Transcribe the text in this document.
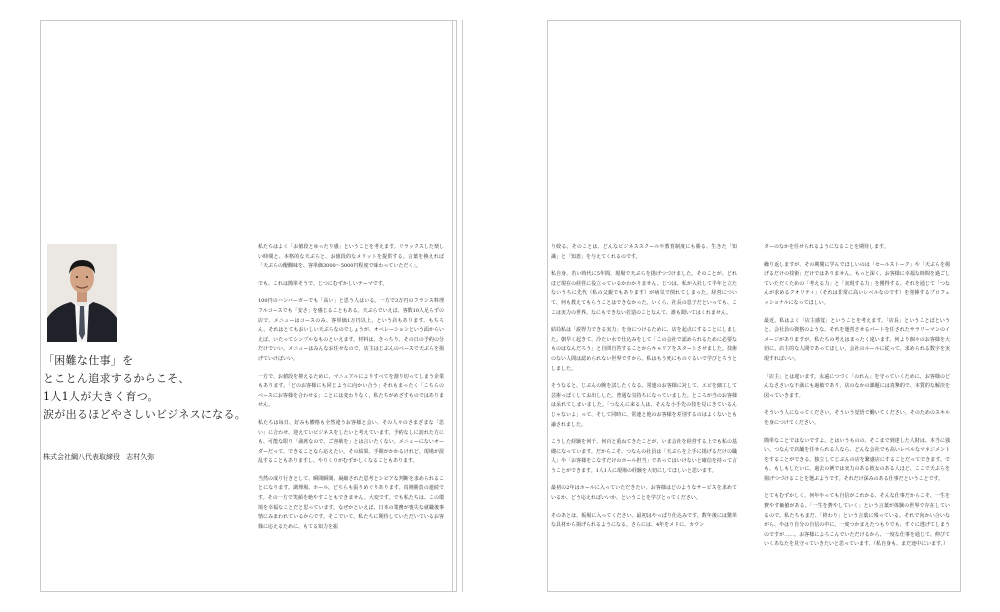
「困難な仕事」を
とことん追求するからこそ、
1人1人が大きく育つ。
涙が出るほどやさしいビジネスになる。
株式会社綱八代表取締役 志村久弥

私たちはよく「お値段とゆったり感」ということを考えます。リラックスした楽しい時間と、本格的な天ぷらと、お値段的なメリットを提供する。言葉を換えれば「天ぷらの醍醐味を、客単価3000～5000円程度で味わっていただく」。

でも、これは簡単そうで、じつにむずかしいテーマです。

100円のハンバーガーでも「高い」と思う人はいる。一方で3万円のフランス料理フルコースでも「安さ」を感じることもある。天ぷらでいえば、客数10人足らずの店で、メニューはコースのみ、客単価1万円以上、という店もあります。もちろん、それはとてもおいしい天ぷらなのでしょうが、オペレーションという面からいえば、いたってシンプルなものといえます。材料は、きっちり、その日の予約の分だけでいい。メニューはみんなお任せなので、店主はじぶんのペースで天ぷらを揚げていけばいい。

一方で、お値段を抑えるために、マニュアルによりすべてを割り切ってしまう企業もあります。「どのお客様にも同じように向かい合う」それもまったく「こちらのペースにお客様を合わせる」ことには変わりなく、私たちがめざすものではありません。

私たちは毎日、好みも體格も全然違うお客様と会い、その人々のさまざまな「思い」に合わせ、迎えていビジネスをしたいと考えています。予約なしに訪れた方にも、可能な限り「満席なので、ご容赦を」とは言いたくない。メニューにないオーダーだって、できることなら応えたい。その結果、手間がかかるけれど、現場が混乱することもありますし、やりくりがむずかしくなることもあります。

当然の成り行きとして、瞬間瞬間、凝縮された思考とシビアな判断を求められることになります。調理場、ホール、どちらも張りめぐりあります。真剣勝負の連続です。その一方で笑顔を絶やすこともできません。大変です。でも私たちは、この環境を幸福なことだと思っています。なぜかといえば、日本の業務が喪失な就職後事情にみまわれているからです。そこでいて、私たちに期待していただいているお客様に応えるために、もてる知力を振

り絞る、そのことは、どんなビジネススクールや教育制度にも勝る、生きた「知識」と「知恵」を与えてくれるのです。

私自身、若い時代に5年間、現場で天ぷらを揚げつづけました。そのことが、どれほど現在の経営に役立っているかわかりません。じつは、私が入社して半年と立たないうちに先代（私の父親でもあります）が病気で倒れてしまった。経営について、何も教えてもらうことはできなかった。いくら、社長の息子だといっても、ここは実力の世界。なにもできない若造のことなんて、誰も聞いてはくれません。

結局私は「説得力できる実力」を身につけるために、店を起点にすることにしました。朝早く起きて、冷たい水で仕込みをして「この会社で認められるために必要なものはなんだろう」と自問自答することからキャリアをスタートさせました。技術のない人間は認められない世界ですから、私はもう死にものぐるいで学びとろうとしました。

そうなると、じぶんの腕を試したくなる。常連のお客様に対して、エビを細工して芸術っぽくしてお出しした。普通な気持ちになっていました。ところが当のお客様は呆れてしまいました。「つなんに来る人は、そんな小手先の技を見にきているんじゃないよ」って、そして同時に、常連と他のお客様を差別するのはよくないとも諭されました。

こうした経験を何千、何百と重ねてきたことが、いま会社を経営する上でも私の基礎になっています。だからこそ、つなんの社員は「天ぷらを上手に揚げるだけの職人」や「お客様をこなすだけのホール担当」であってはいけないと確信を持って言うことができます。1人1人に現場の経験を大切にしてほしいと思います。

最初の2年はホールに入っていただきたい。お客様はどのようなサービスを求めているか、どう応えればいいか、ということを学びとってください。

そのあとは、板場に入ってください。最初はやっぱり仕込みです。数年後には驚単な具材から揚げられるようになる。さらには、4年をメドに、カウン

ターのなかを任せられるようになることを期待します。

繰り返しますが、その期間に学んでほしいのは「セールストーク」や「天ぷらを揚げるだけの技術」だけではありません。もっと深く、お客様に幸福な時間を過ごしていただくための「考える力」と「実現する力」を獲得する。それを通じて「つなんが求めるクオリティ」（それは非常に高いレベルなのです）を発揮するプロフェッショナルになってほしい。

最近、私はよく「店主感覚」ということを考えます。「店長」ということばというと、会社員の資格のような、それを運営させるパートを任されたサラリーマンのイメージがありますが、私たちの考えはまったく違います。何より個々のお客様を大切に。店主的な人間であってほしい。会社のルールに従って、求められる数字を実現すればいい。

「店主」とは違います。永遠につづく「のれん」を守っていくために、お客様のどんなささいな不満にも過敏であり、店のなかの課題には真摯的で、本質的な解決を図っていきます。

そういう人になってください。そういう覚悟で働いてください。そのためのスキルを身につけてください。

簡単なことではないですよ。とはいうものの、そこまで到達した人財は、本当に強い。つなんで店舗を任せられる人なら、どんな会社でも高いレベルなマネジメントをすることができる。独立してじぶんの店を繁盛店にすることだってできます。でも、もしもしたいに、過去の例では実力のある彼女のある人ほど、ここで天ぷらを揚げつづけることを選ぶようです。それだけ深みのある仕事だということです。

とてもむずかしく、何年やっても自信がこれかる、そんな仕事だからこそ、一生を費やす価値がある。「一生を費やしていく」という言葉が体験の世界で存在しているので。私たちもまだ、「終わり」という言葉に残っている。それで向かい合いながら、やはり自分の自信の中に、一度つかまえたつもりでも、すぐに逃げてしまうのですが……。お客様によろこんでいただけるから、一度な仕事を通じて、伸びていくあなたを見守っていきたいと思っています。（私自身も、まだ途中にいます。）
